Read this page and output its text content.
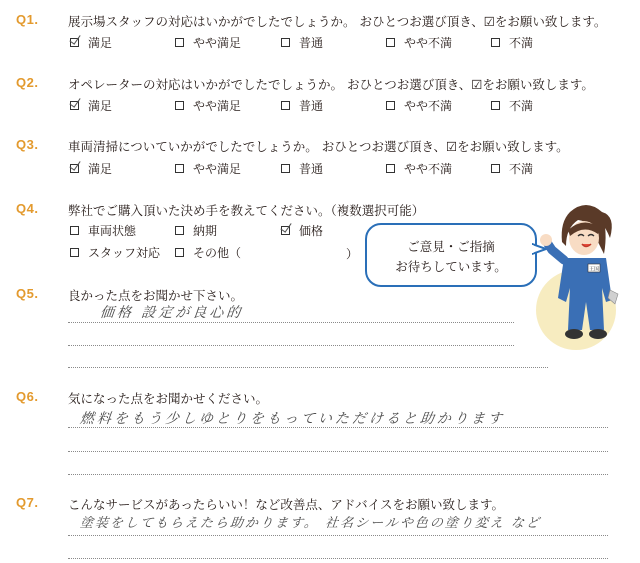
Q1. 展示場スタッフの対応はいかがでしたでしょうか。 おひとつお選び頂き、☑をお願い致します。
満足	やや満足	普通	やや不満	不満
Q2. オペレーターの対応はいかがでしたでしょうか。 おひとつお選び頂き、☑をお願い致します。
満足	やや満足	普通	やや不満	不満
Q3. 車両清掃についていかがでしたでしょうか。 おひとつお選び頂き、☑をお願い致します。
満足	やや満足	普通	やや不満	不満
Q4. 弊社でご購入頂いた決め手を教えてください。（複数選択可能）
車両状態	納期	価格
スタッフ対応	その他（	）	ご意見・ご指摘
お待ちしています。	王国
Q5. 良かった点をお聞かせ下さい。
価格 設定が良心的
Q6. 気になった点をお聞かせください。
燃料をもう少しゆとりをもっていただけると助かります
Q7. こんなサービスがあったらいい！など改善点、アドバイスをお願い致します。
塗装をしてもらえたら助かります。 社名シールや色の塗り変え など
